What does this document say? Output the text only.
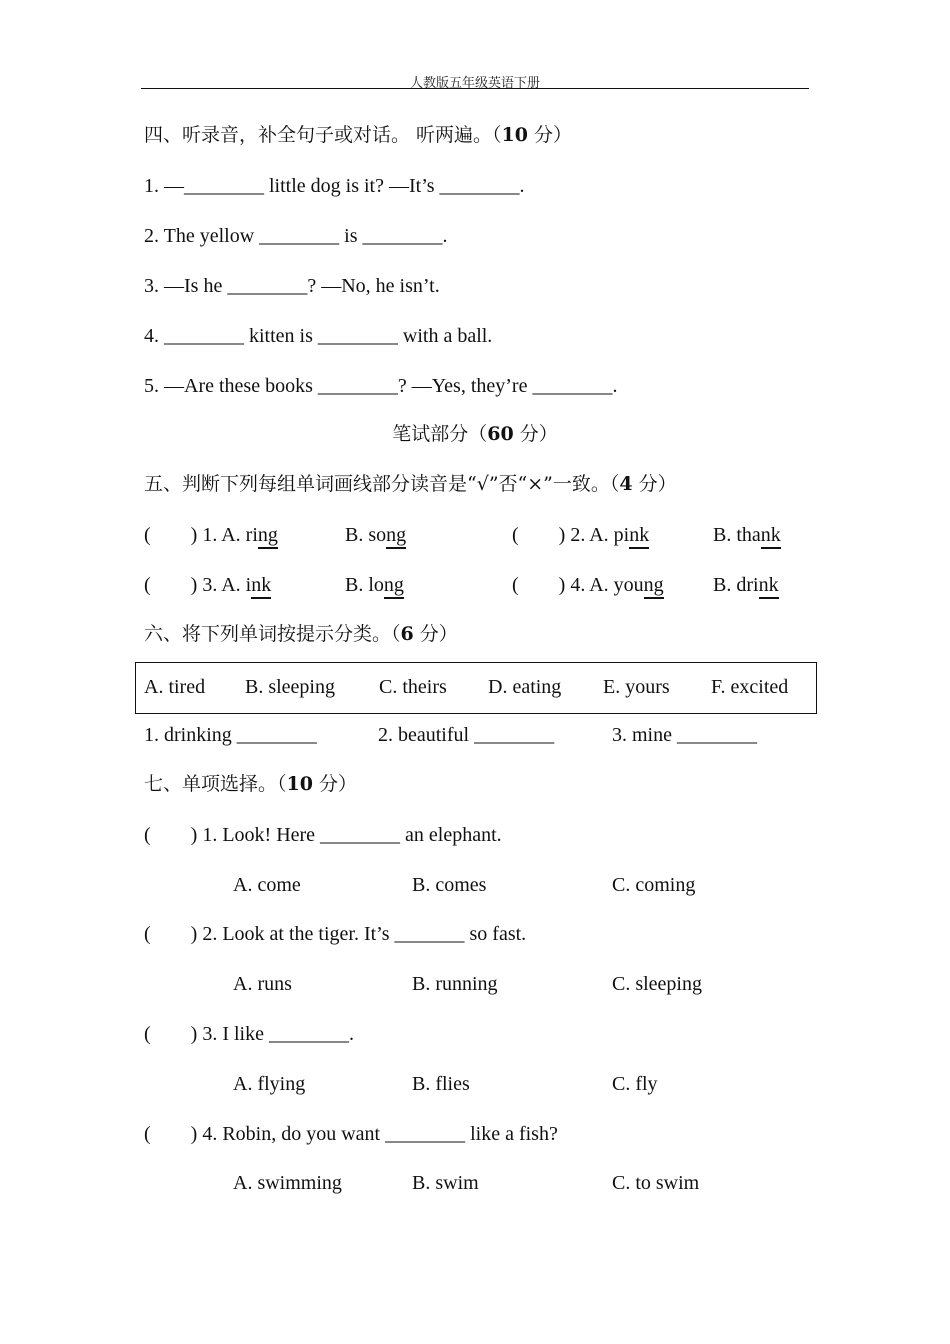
人教版五年级英语下册
四、听录音，补全句子或对话。 听两遍。（10 分）
1. —________ little dog is it? —It’s ________.
2. The yellow ________ is ________.
3. —Is he ________? —No, he isn’t.
4. ________ kitten is ________ with a ball.
5. —Are these books ________? —Yes, they’re ________.
笔试部分（60 分）
五、判断下列每组单词画线部分读音是“√”否“×”一致。（4 分）
(        ) 1. A. ring	B. song	(        ) 2. A. pink	B. thank
(        ) 3. A. ink	B. long	(        ) 4. A. young B. drink
六、将下列单词按提示分类。（6 分）
A. tired B. sleeping C. theirs D. eating E. yours F. excited
1. drinking ________	2. beautiful ________	3. mine ________
七、单项选择。（10 分）
(        ) 1. Look! Here ________ an elephant.
A. come	B. comes	C. coming
(        ) 2. Look at the tiger. It’s _______ so fast.
A. runs	B. running	C. sleeping
(        ) 3. I like ________.
A. flying	B. flies	C. fly
(        ) 4. Robin, do you want ________ like a fish?
A. swimming	B. swim	C. to swim
